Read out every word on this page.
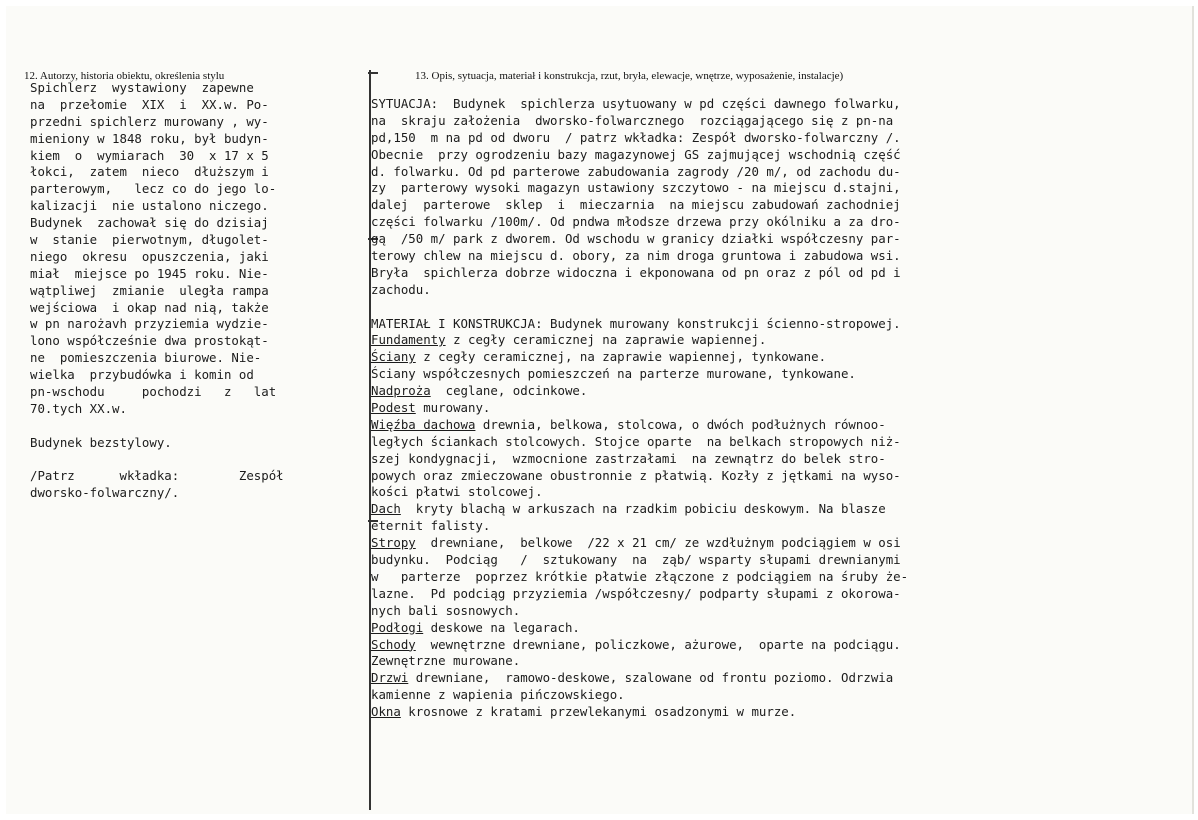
12. Autorzy, historia obiektu, określenia stylu	13. Opis, sytuacja, materiał i konstrukcja, rzut, bryła, elewacje, wnętrze, wyposażenie, instalacje)
Spichlerz  wystawiony  zapewne
na  przełomie  XIX  i  XX.w. Po-
przedni spichlerz murowany , wy-
mieniony w 1848 roku, był budyn-
kiem  o  wymiarach  30  x 17 x 5
łokci,  zatem  nieco  dłuższym i
parterowym,   lecz co do jego lo-
kalizacji  nie ustalono niczego.
Budynek  zachował się do dzisiaj
w  stanie  pierwotnym, długolet-
niego  okresu  opuszczenia, jaki
miał  miejsce po 1945 roku. Nie-
wątpliwej  zmianie  uległa rampa
wejściowa  i okap nad nią, także
w pn narożavh przyziemia wydzie-
lono współcześnie dwa prostokąt-
ne  pomieszczenia biurowe. Nie-
wielka  przybudówka i komin od
pn-wschodu     pochodzi   z   lat
70.tych XX.w.
Budynek bezstylowy.
/Patrz      wkładka:        Zespół
dworsko-folwarczny/.
SYTUACJA:  Budynek  spichlerza usytuowany w pd części dawnego folwarku,
na  skraju założenia  dworsko-folwarcznego  rozciągającego się z pn-na
pd,150  m na pd od dworu  / patrz wkładka: Zespół dworsko-folwarczny /.
Obecnie  przy ogrodzeniu bazy magazynowej GS zajmującej wschodnią część
d. folwarku. Od pd parterowe zabudowania zagrody /20 m/, od zachodu du-
zy  parterowy wysoki magazyn ustawiony szczytowo - na miejscu d.stajni,
dalej  parterowe  sklep  i  mieczarnia  na miejscu zabudowań zachodniej
części folwarku /100m/. Od pndwa młodsze drzewa przy okólniku a za dro-
gą  /50 m/ park z dworem. Od wschodu w granicy działki współczesny par-
terowy chlew na miejscu d. obory, za nim droga gruntowa i zabudowa wsi.
Bryła  spichlerza dobrze widoczna i ekponowana od pn oraz z pól od pd i
zachodu.
MATERIAŁ I KONSTRUKCJA: Budynek murowany konstrukcji ścienno-stropowej.
Fundamenty z cegły ceramicznej na zaprawie wapiennej.
Ściany z cegły ceramicznej, na zaprawie wapiennej, tynkowane.
Ściany współczesnych pomieszczeń na parterze murowane, tynkowane.
Nadproża  ceglane, odcinkowe.
Podest murowany.
Więźba dachowa drewnia, belkowa, stolcowa, o dwóch podłużnych równoo-
ległych ściankach stolcowych. Stojce oparte  na belkach stropowych niż-
szej kondygnacji,  wzmocnione zastrzałami  na zewnątrz do belek stro-
powych oraz zmieczowane obustronnie z płatwią. Kozły z jętkami na wyso-
kości płatwi stolcowej.
Dach  kryty blachą w arkuszach na rzadkim pobiciu deskowym. Na blasze
eternit falisty.
Stropy  drewniane,  belkowe  /22 x 21 cm/ ze wzdłużnym podciągiem w osi
budynku.  Podciąg   /  sztukowany  na  ząb/ wsparty słupami drewnianymi
w   parterze  poprzez krótkie płatwie złączone z podciągiem na śruby że-
lazne.  Pd podciąg przyziemia /współczesny/ podparty słupami z okorowa-
nych bali sosnowych.
Podłogi deskowe na legarach.
Schody  wewnętrzne drewniane, policzkowe, ażurowe,  oparte na podciągu.
Zewnętrzne murowane.
Drzwi drewniane,  ramowo-deskowe, szalowane od frontu poziomo. Odrzwia
kamienne z wapienia pińczowskiego.
Okna krosnowe z kratami przewlekanymi osadzonymi w murze.
